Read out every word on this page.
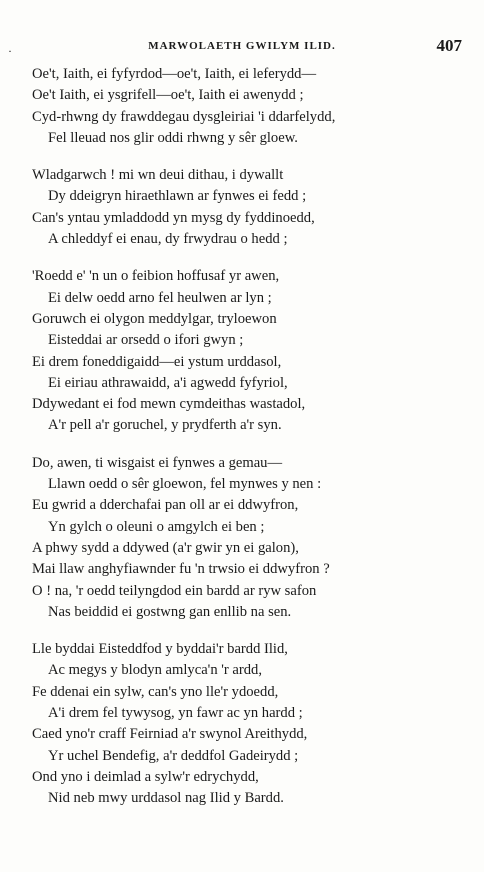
·	MARWOLAETH GWILYM ILID.	407
Oe't, Iaith, ei fyfyrdod—oe't, Iaith, ei leferydd—
Oe't Iaith, ei ysgrifell—oe't, Iaith ei awenydd ;
Cyd-rhwng dy frawddegau dysgleiriai 'i ddarfelydd,
Fel lleuad nos glir oddi rhwng y sêr gloew.
Wladgarwch ! mi wn deui dithau, i dywallt
Dy ddeigryn hiraethlawn ar fynwes ei fedd ;
Can's yntau ymladdodd yn mysg dy fyddinoedd,
A chleddyf ei enau, dy frwydrau o hedd ;
'Roedd e' 'n un o feibion hoffusaf yr awen,
Ei delw oedd arno fel heulwen ar lyn ;
Goruwch ei olygon meddylgar, tryloewon
Eisteddai ar orsedd o ifori gwyn ;
Ei drem foneddigaidd—ei ystum urddasol,
Ei eiriau athrawaidd, a'i agwedd fyfyriol,
Ddywedant ei fod mewn cymdeithas wastadol,
A'r pell a'r goruchel, y prydferth a'r syn.
Do, awen, ti wisgaist ei fynwes a gemau—
Llawn oedd o sêr gloewon, fel mynwes y nen :
Eu gwrid a dderchafai pan oll ar ei ddwyfron,
Yn gylch o oleuni o amgylch ei ben ;
A phwy sydd a ddywed (a'r gwir yn ei galon),
Mai llaw anghyfiawnder fu 'n trwsio ei ddwyfron ?
O ! na, 'r oedd teilyngdod ein bardd ar ryw safon
Nas beiddid ei gostwng gan enllib na sen.
Lle byddai Eisteddfod y byddai'r bardd Ilid,
Ac megys y blodyn amlyca'n 'r ardd,
Fe ddenai ein sylw, can's yno lle'r ydoedd,
A'i drem fel tywysog, yn fawr ac yn hardd ;
Caed yno'r craff Feirniad a'r swynol Areithydd,
Yr uchel Bendefig, a'r deddfol Gadeirydd ;
Ond yno i deimlad a sylw'r edrychydd,
Nid neb mwy urddasol nag Ilid y Bardd.
